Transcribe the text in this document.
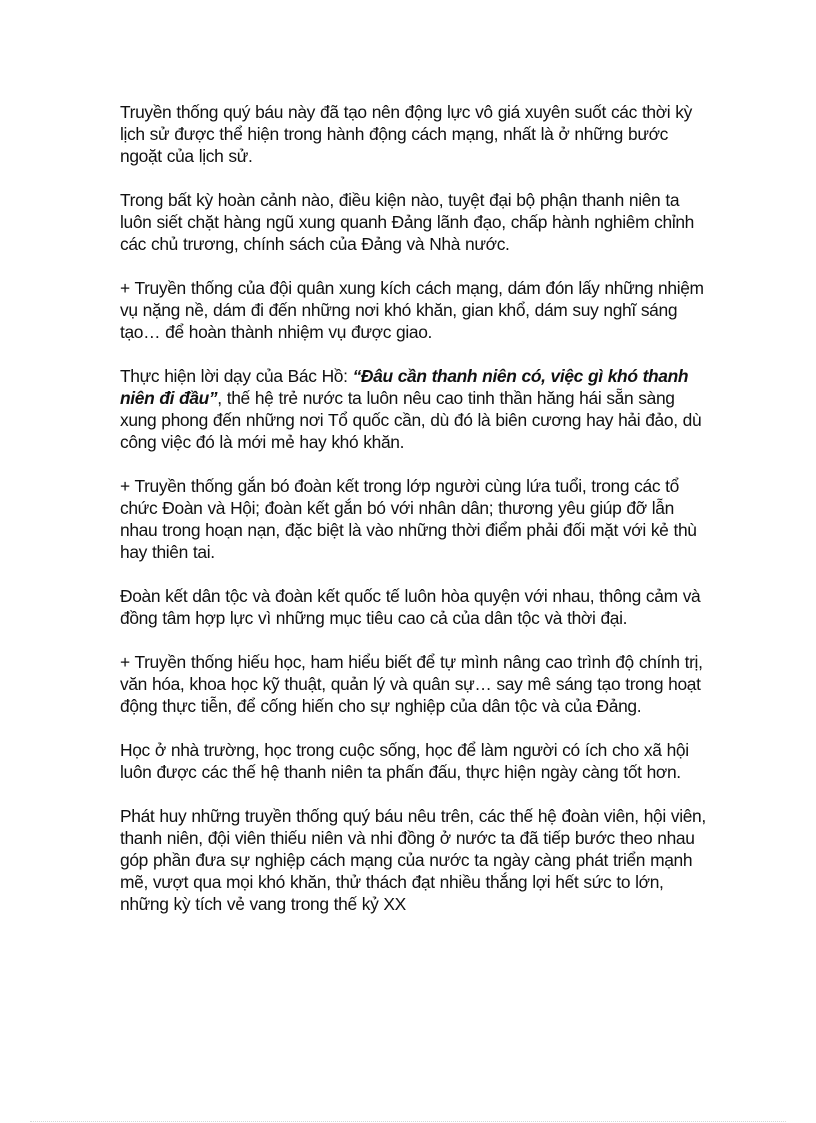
Truyền thống quý báu này đã tạo nên động lực vô giá xuyên suốt các thời kỳ lịch sử được thể hiện trong hành động cách mạng, nhất là ở những bước ngoặt của lịch sử.

Trong bất kỳ hoàn cảnh nào, điều kiện nào, tuyệt đại bộ phận thanh niên ta luôn siết chặt hàng ngũ xung quanh Đảng lãnh đạo, chấp hành nghiêm chỉnh các chủ trương, chính sách của Đảng và Nhà nước.

+ Truyền thống của đội quân xung kích cách mạng, dám đón lấy những nhiệm vụ nặng nề, dám đi đến những nơi khó khăn, gian khổ, dám suy nghĩ sáng tạo… để hoàn thành nhiệm vụ được giao.

Thực hiện lời dạy của Bác Hồ: “Đâu cần thanh niên có, việc gì khó thanh niên đi đầu”, thế hệ trẻ nước ta luôn nêu cao tinh thần hăng hái sẵn sàng xung phong đến những nơi Tổ quốc cần, dù đó là biên cương hay hải đảo, dù công việc đó là mới mẻ hay khó khăn.

+ Truyền thống gắn bó đoàn kết trong lớp người cùng lứa tuổi, trong các tổ chức Đoàn và Hội; đoàn kết gắn bó với nhân dân; thương yêu giúp đỡ lẫn nhau trong hoạn nạn, đặc biệt là vào những thời điểm phải đối mặt với kẻ thù hay thiên tai.

Đoàn kết dân tộc và đoàn kết quốc tế luôn hòa quyện với nhau, thông cảm và đồng tâm hợp lực vì những mục tiêu cao cả của dân tộc và thời đại.

+ Truyền thống hiếu học, ham hiểu biết để tự mình nâng cao trình độ chính trị, văn hóa, khoa học kỹ thuật, quản lý và quân sự… say mê sáng tạo trong hoạt động thực tiễn, để cống hiến cho sự nghiệp của dân tộc và của Đảng.

Học ở nhà trường, học trong cuộc sống, học để làm người có ích cho xã hội luôn được các thế hệ thanh niên ta phấn đấu, thực hiện ngày càng tốt hơn.

Phát huy những truyền thống quý báu nêu trên, các thế hệ đoàn viên, hội viên, thanh niên, đội viên thiếu niên và nhi đồng ở nước ta đã tiếp bước theo nhau góp phần đưa sự nghiệp cách mạng của nước ta ngày càng phát triển mạnh mẽ, vượt qua mọi khó khăn, thử thách đạt nhiều thắng lợi hết sức to lớn, những kỳ tích vẻ vang trong thế kỷ XX
